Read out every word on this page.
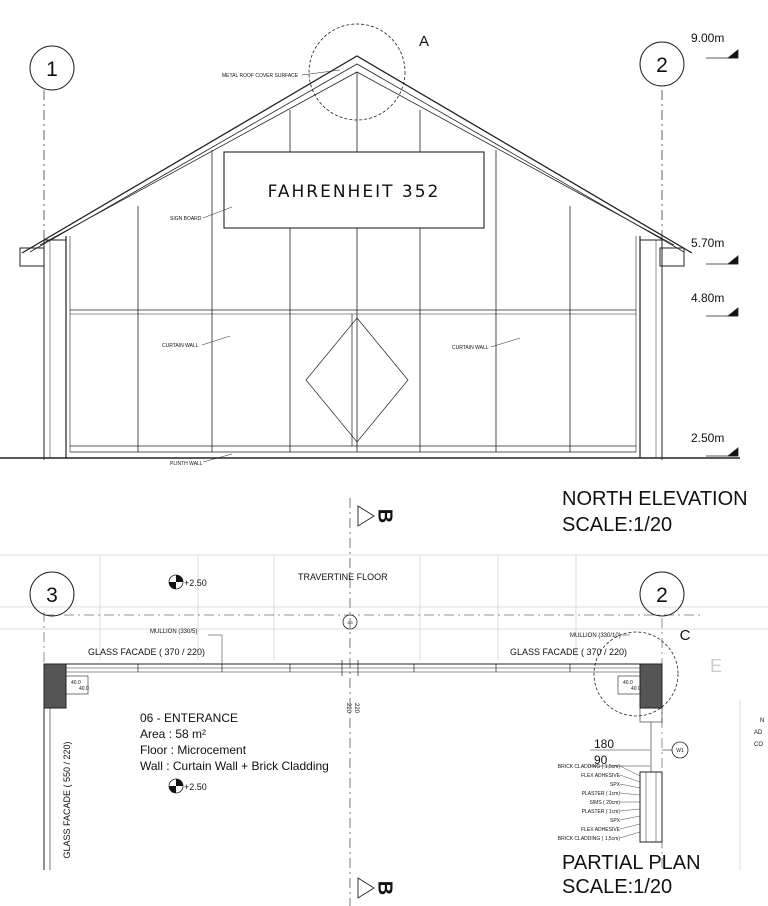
1	2
A
FAHRENHEIT 352
METAL ROOF COVER SURFACE
SIGN BOARD
CURTAIN WALL	CURTAIN WALL
PLINTH WALL
9.00m
5.70m
4.80m
2.50m
NORTH ELEVATION
SCALE:1/20
B
B
3	2
C
E
TRAVERTINE FLOOR
+2.50
+2.50
D3
W1
MULLION (330/5)
MULLION (330/10)
GLASS FACADE ( 370 / 220)	GLASS FACADE ( 370 / 220)
GLASS FACADE ( 550 / 220)
220
220
40.0
40.0
40.0
40.0
180
90
06 - ENTERANCE
Area : 58 m²
Floor : Microcement
Wall : Curtain Wall + Brick Cladding	BRICK CLADDING ( 1,5cm)
FLEX ADHESIVE
SPX
PLASTER ( 1cm)
SIMS ( 20cm)
PLASTER ( 1cm)
SPX
FLEX ADHESIVE
BRICK CLADDING ( 1,5cm)
N
AD
CO
PARTIAL PLAN
SCALE:1/20
